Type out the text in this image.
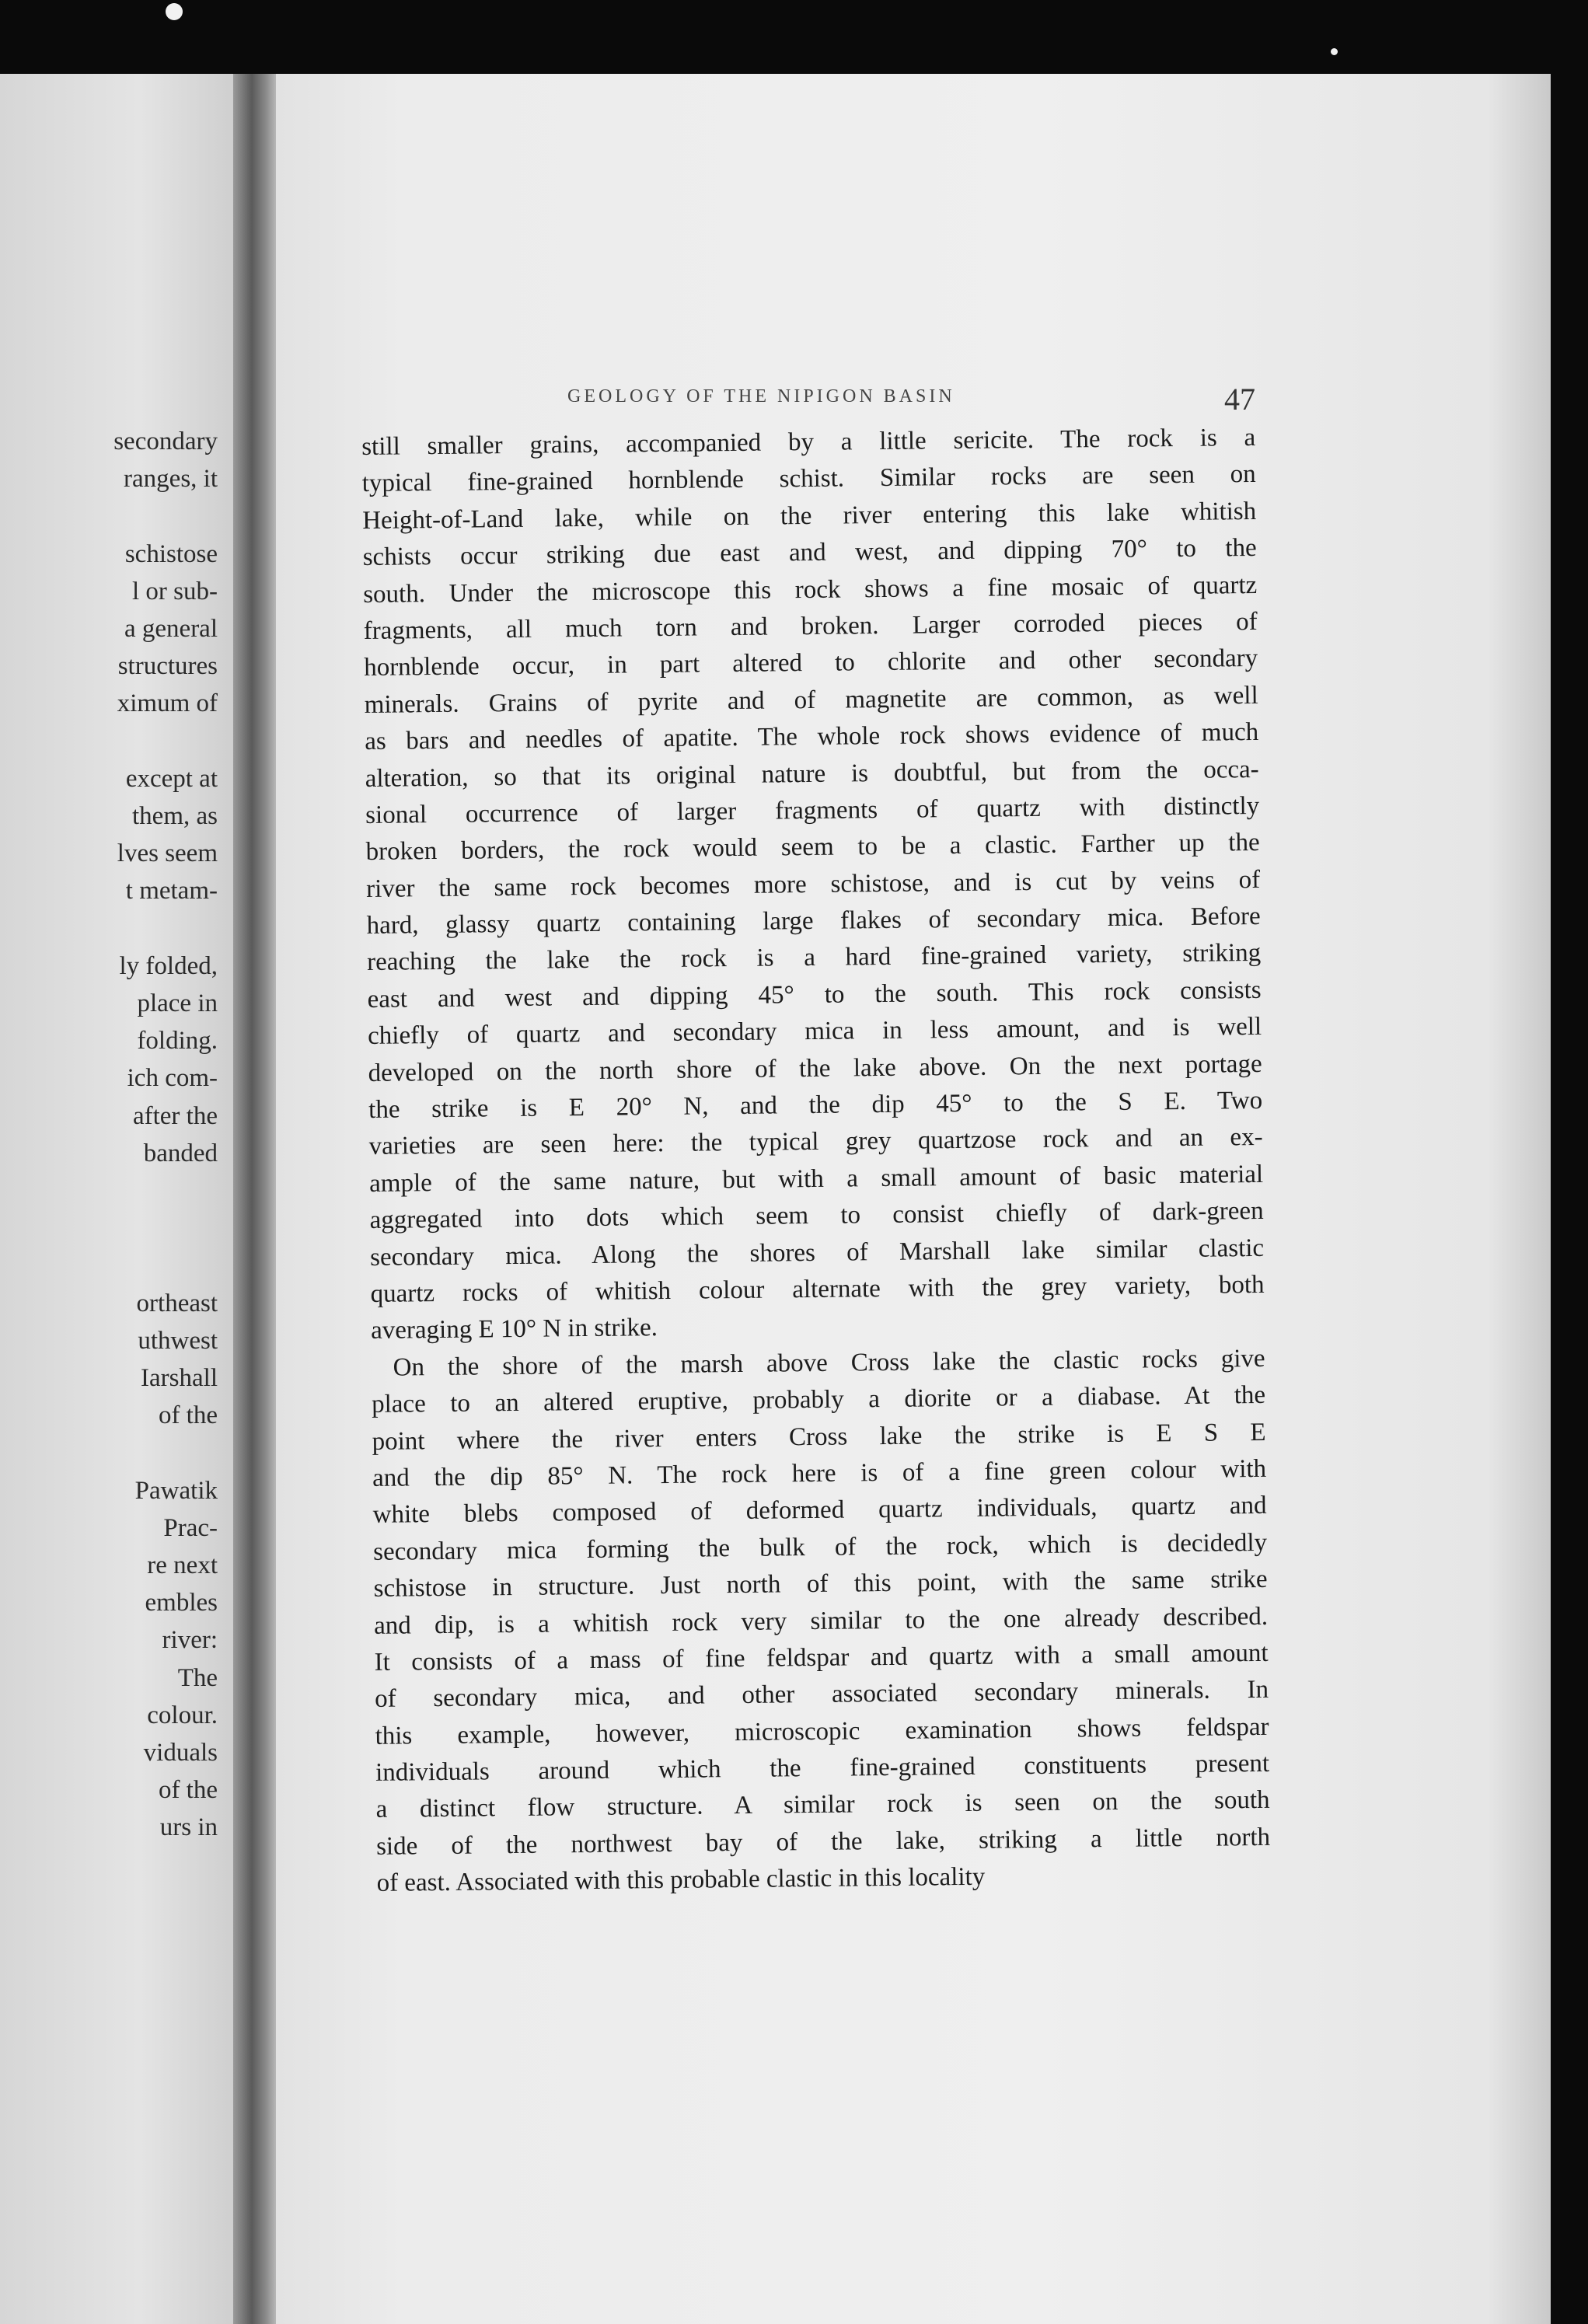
secondary
ranges, it
schistose
l or sub-
a general
structures
ximum of
except at
them, as
lves seem
t metam-
ly folded,
place in
folding.
ich com-
after the
banded
ortheast
uthwest
Iarshall
of the
Pawatik
Prac-
re next
embles
river:
The
colour.
viduals
of the
urs in
GEOLOGY OF THE NIPIGON BASIN	47
still smaller grains, accompanied by a little sericite. The rock is a
typical fine-grained hornblende schist. Similar rocks are seen on
Height-of-Land lake, while on the river entering this lake whitish
schists occur striking due east and west, and dipping 70° to the
south. Under the microscope this rock shows a fine mosaic of quartz
fragments, all much torn and broken. Larger corroded pieces of
hornblende occur, in part altered to chlorite and other secondary
minerals. Grains of pyrite and of magnetite are common, as well
as bars and needles of apatite. The whole rock shows evidence of much
alteration, so that its original nature is doubtful, but from the occa-
sional occurrence of larger fragments of quartz with distinctly
broken borders, the rock would seem to be a clastic. Farther up the
river the same rock becomes more schistose, and is cut by veins of
hard, glassy quartz containing large flakes of secondary mica. Before
reaching the lake the rock is a hard fine-grained variety, striking
east and west and dipping 45° to the south. This rock consists
chiefly of quartz and secondary mica in less amount, and is well
developed on the north shore of the lake above. On the next portage
the strike is E 20° N, and the dip 45° to the S E. Two
varieties are seen here: the typical grey quartzose rock and an ex-
ample of the same nature, but with a small amount of basic material
aggregated into dots which seem to consist chiefly of dark-green
secondary mica. Along the shores of Marshall lake similar clastic
quartz rocks of whitish colour alternate with the grey variety, both
averaging E 10° N in strike.
On the shore of the marsh above Cross lake the clastic rocks give
place to an altered eruptive, probably a diorite or a diabase. At the
point where the river enters Cross lake the strike is E S E
and the dip 85° N. The rock here is of a fine green colour with
white blebs composed of deformed quartz individuals, quartz and
secondary mica forming the bulk of the rock, which is decidedly
schistose in structure. Just north of this point, with the same strike
and dip, is a whitish rock very similar to the one already described.
It consists of a mass of fine feldspar and quartz with a small amount
of secondary mica, and other associated secondary minerals. In
this example, however, microscopic examination shows feldspar
individuals around which the fine-grained constituents present
a distinct flow structure. A similar rock is seen on the south
side of the northwest bay of the lake, striking a little north
of east. Associated with this probable clastic in this locality
